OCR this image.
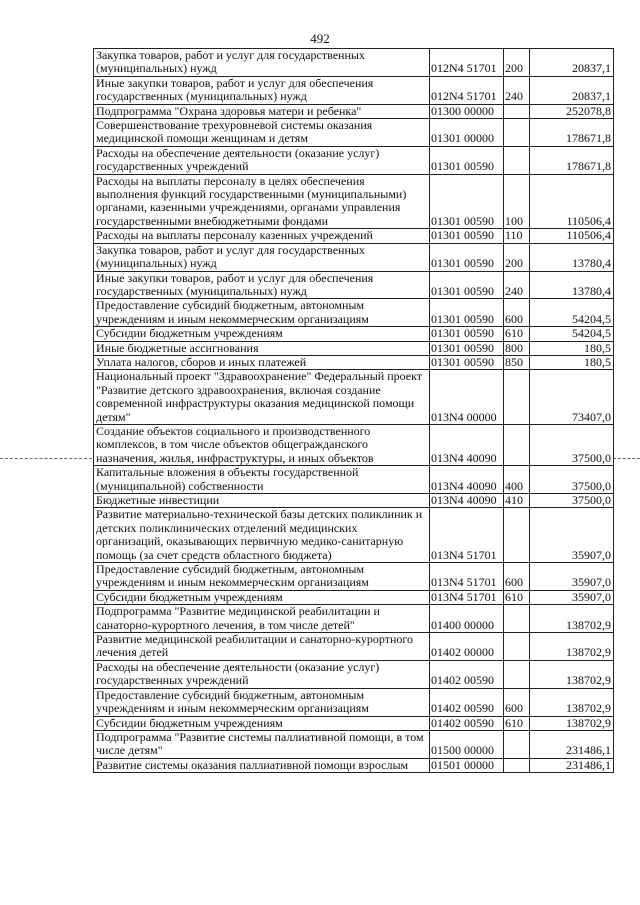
492
Закупка товаров, работ и услуг для государственных (муниципальных) нужд	012N4 51701	200	20837,1
Иные закупки товаров, работ и услуг для обеспечения государственных (муниципальных) нужд	012N4 51701	240	20837,1
Подпрограмма "Охрана здоровья матери и ребенка"	01300 00000		252078,8
Совершенствование трехуровневой системы оказания медицинской помощи женщинам и детям	01301 00000		178671,8
Расходы на обеспечение деятельности (оказание услуг) государственных учреждений	01301 00590		178671,8
Расходы на выплаты персоналу в целях обеспечения выполнения функций государственными (муниципальными) органами, казенными учреждениями, органами управления государственными внебюджетными фондами	01301 00590	100	110506,4
Расходы на выплаты персоналу казенных учреждений	01301 00590	110	110506,4
Закупка товаров, работ и услуг для государственных (муниципальных) нужд	01301 00590	200	13780,4
Иные закупки товаров, работ и услуг для обеспечения государственных (муниципальных) нужд	01301 00590	240	13780,4
Предоставление субсидий бюджетным, автономным учреждениям и иным некоммерческим организациям	01301 00590	600	54204,5
Субсидии бюджетным учреждениям	01301 00590	610	54204,5
Иные бюджетные ассигнования	01301 00590	800	180,5
Уплата налогов, сборов и иных платежей	01301 00590	850	180,5
Национальный проект "Здравоохранение" Федеральный проект "Развитие детского здравоохранения, включая создание современной инфраструктуры оказания медицинской помощи детям"	013N4 00000		73407,0
Создание объектов социального и производственного комплексов, в том числе объектов общегражданского назначения, жилья, инфраструктуры, и иных объектов	013N4 40090		37500,0
Капитальные вложения в объекты государственной (муниципальной) собственности	013N4 40090	400	37500,0
Бюджетные инвестиции	013N4 40090	410	37500,0
Развитие материально-технической базы детских поликлиник и детских поликлинических отделений медицинских организаций, оказывающих первичную медико-санитарную помощь (за счет средств областного бюджета)	013N4 51701		35907,0
Предоставление субсидий бюджетным, автономным учреждениям и иным некоммерческим организациям	013N4 51701	600	35907,0
Субсидии бюджетным учреждениям	013N4 51701	610	35907,0
Подпрограмма "Развитие медицинской реабилитации и санаторно-курортного лечения, в том числе детей"	01400 00000		138702,9
Развитие медицинской реабилитации и санаторно-курортного лечения детей	01402 00000		138702,9
Расходы на обеспечение деятельности (оказание услуг) государственных учреждений	01402 00590		138702,9
Предоставление субсидий бюджетным, автономным учреждениям и иным некоммерческим организациям	01402 00590	600	138702,9
Субсидии бюджетным учреждениям	01402 00590	610	138702,9
Подпрограмма "Развитие системы паллиативной помощи, в том числе детям"	01500 00000		231486,1
Развитие системы оказания паллиативной помощи взрослым	01501 00000		231486,1
